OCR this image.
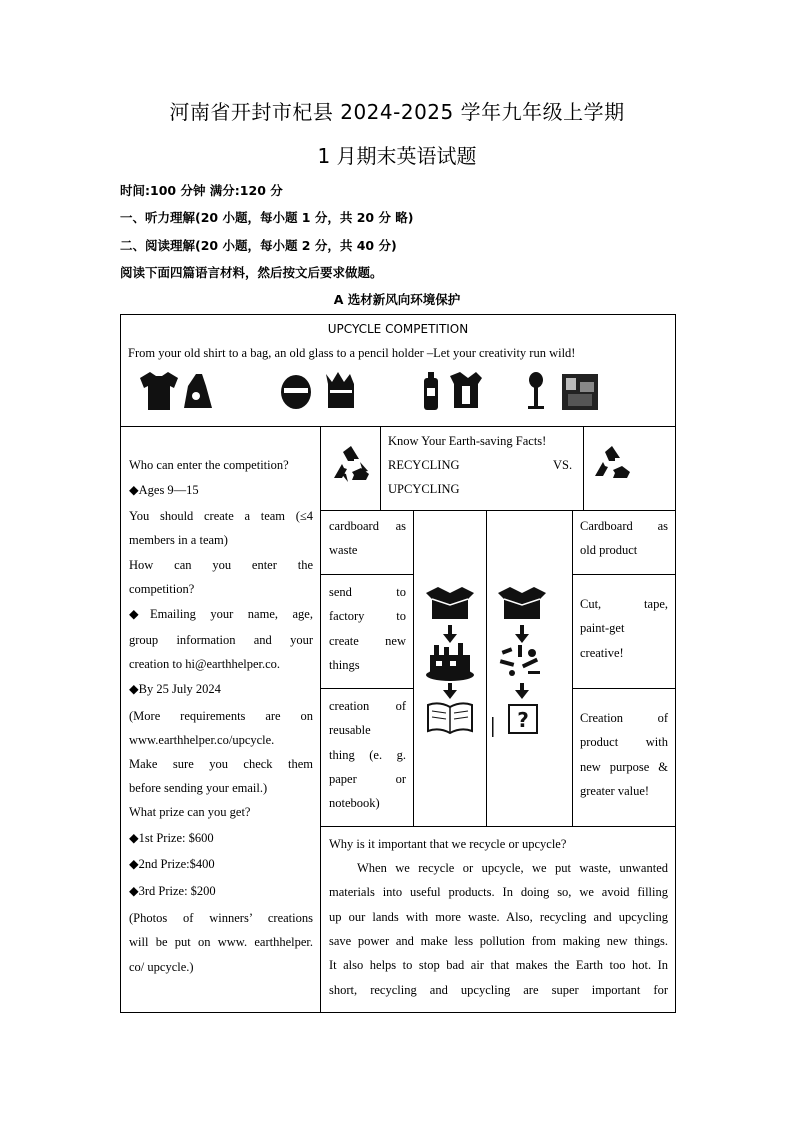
河南省开封市杞县 2024-2025 学年九年级上学期
1 月期末英语试题
时间:100 分钟 满分:120 分
一、听力理解(20 小题，每小题 1 分，共 20 分 略)
二、阅读理解(20 小题，每小题 2 分，共 40 分)
阅读下面四篇语言材料，然后按文后要求做题。
A 选材新风向环境保护
UPCYCLE COMPETITION
From your old shirt to a bag, an old glass to a pencil holder –Let your creativity run wild!
Who can enter the competition?
◆Ages 9—15
You should create a team (≤4
members in a team)
How can you enter the
competition?
◆Emailing your name, age,
group information and your
creation to hi@earthhelper.co.
◆By 25 July 2024
(More requirements are on
www.earthhelper.co/upcycle.
Make sure you check them
before sending your email.)
What prize can you get?
◆1st Prize: $600
◆2nd Prize:$400
◆3rd Prize: $200
(Photos of winners’ creations
will be put on www. earthhelper.
co/ upcycle.)
Know Your Earth-saving Facts!
RECYCLING	VS.
UPCYCLING
cardboard as
waste
send to
factory to
create new
things
creation of
reusable
thing (e. g.
paper or
notebook)
Cardboard as
old product
Cut, tape,
paint-get
creative!
Creation of
product with
new purpose &
greater value!
?
Why is it important that we recycle or upcycle?
When we recycle or upcycle, we put waste, unwanted
materials into useful products. In doing so, we avoid filling
up our lands with more waste. Also, recycling and upcycling
save power and make less pollution from making new things.
It also helps to stop bad air that makes the Earth too hot. In
short, recycling and upcycling are super important for
